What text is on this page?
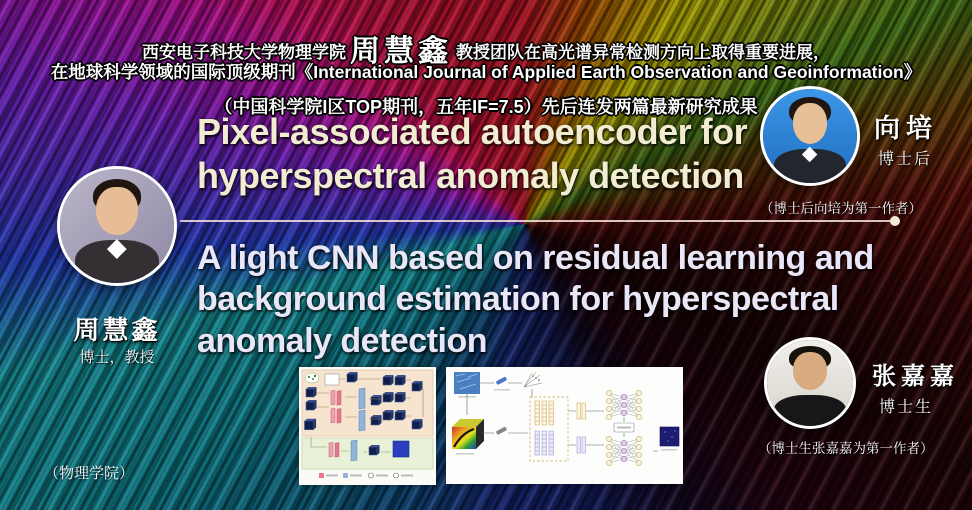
西安电子科技大学物理学院 周慧鑫 教授团队在高光谱异常检测方向上取得重要进展，
在地球科学领域的国际顶级期刊《International Journal of Applied Earth Observation and Geoinformation》
（中国科学院I区TOP期刊，五年IF=7.5）先后连发两篇最新研究成果
Pixel-associated autoencoder for
hyperspectral anomaly detection
A light CNN based on residual learning and
background estimation for hyperspectral
anomaly detection
周慧鑫
博士，教授
向培
博士后
（博士后向培为第一作者）
张嘉嘉
博士生
（博士生张嘉嘉为第一作者）
（物理学院）
